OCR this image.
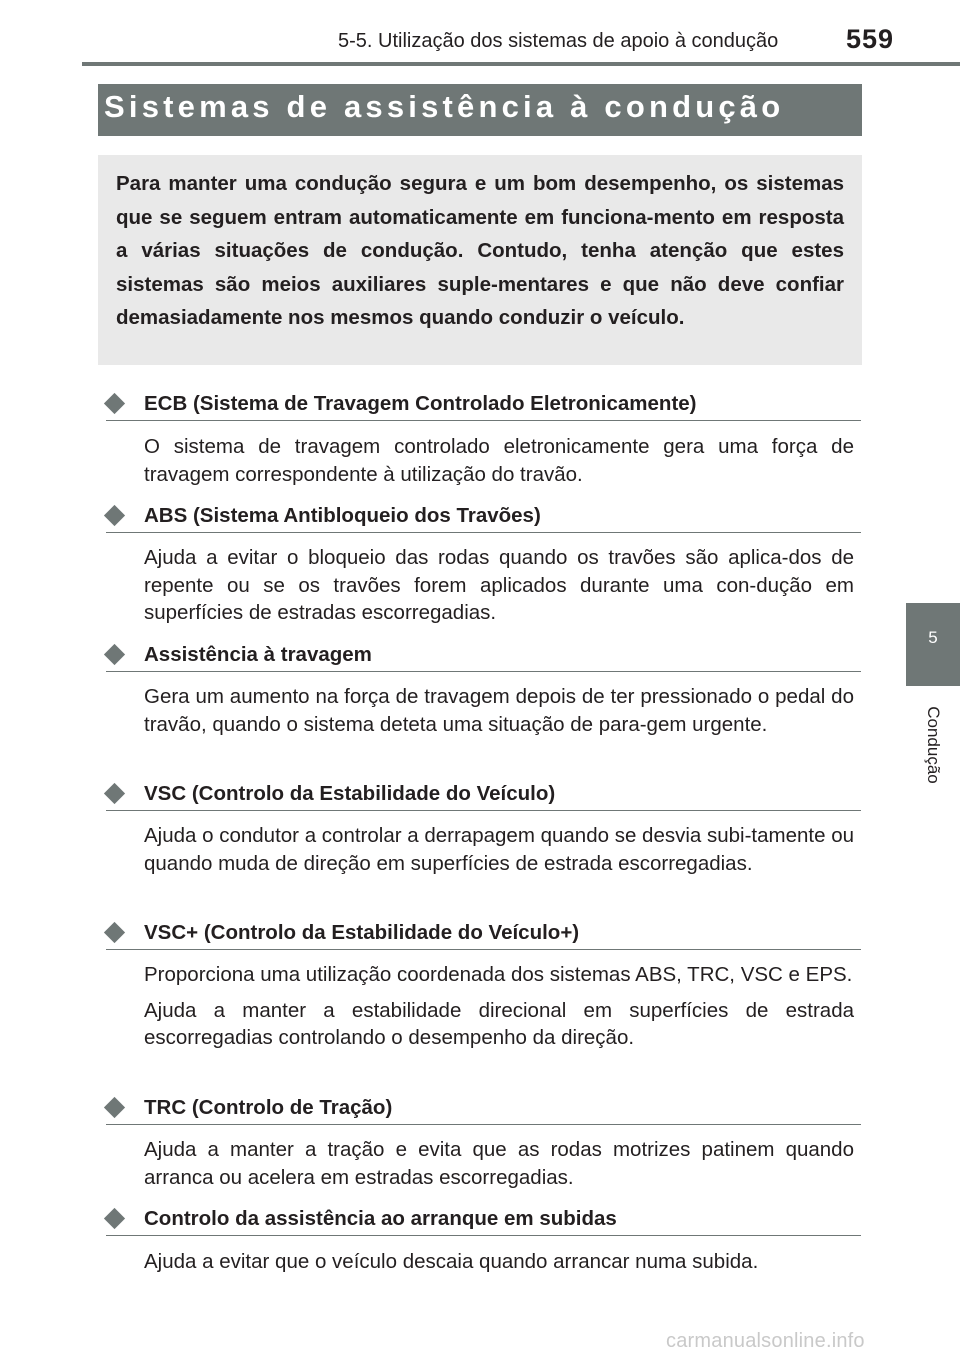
5-5. Utilização dos sistemas de apoio à condução	559
Sistemas de assistência à condução
Para manter uma condução segura e um bom desempenho, os sistemas que se seguem entram automaticamente em funciona-mento em resposta a várias situações de condução. Contudo, tenha atenção que estes sistemas são meios auxiliares suple-mentares e que não deve confiar demasiadamente nos mesmos quando conduzir o veículo.
ECB (Sistema de Travagem Controlado Eletronicamente)

O sistema de travagem controlado eletronicamente gera uma força de travagem correspondente à utilização do travão.

ABS (Sistema Antibloqueio dos Travões)

Ajuda a evitar o bloqueio das rodas quando os travões são aplica-dos de repente ou se os travões forem aplicados durante uma con-dução em superfícies de estradas escorregadias.

Assistência à travagem

Gera um aumento na força de travagem depois de ter pressionado o pedal do travão, quando o sistema deteta uma situação de para-gem urgente.

VSC (Controlo da Estabilidade do Veículo)

Ajuda o condutor a controlar a derrapagem quando se desvia subi-tamente ou quando muda de direção em superfícies de estrada escorregadias.

VSC+ (Controlo da Estabilidade do Veículo+)

Proporciona uma utilização coordenada dos sistemas ABS, TRC, VSC e EPS.

Ajuda a manter a estabilidade direcional em superfícies de estrada escorregadias controlando o desempenho da direção.

TRC (Controlo de Tração)

Ajuda a manter a tração e evita que as rodas motrizes patinem quando arranca ou acelera em estradas escorregadias.

Controlo da assistência ao arranque em subidas

Ajuda a evitar que o veículo descaia quando arrancar numa subida.

5
Condução
carmanualsonline.info
